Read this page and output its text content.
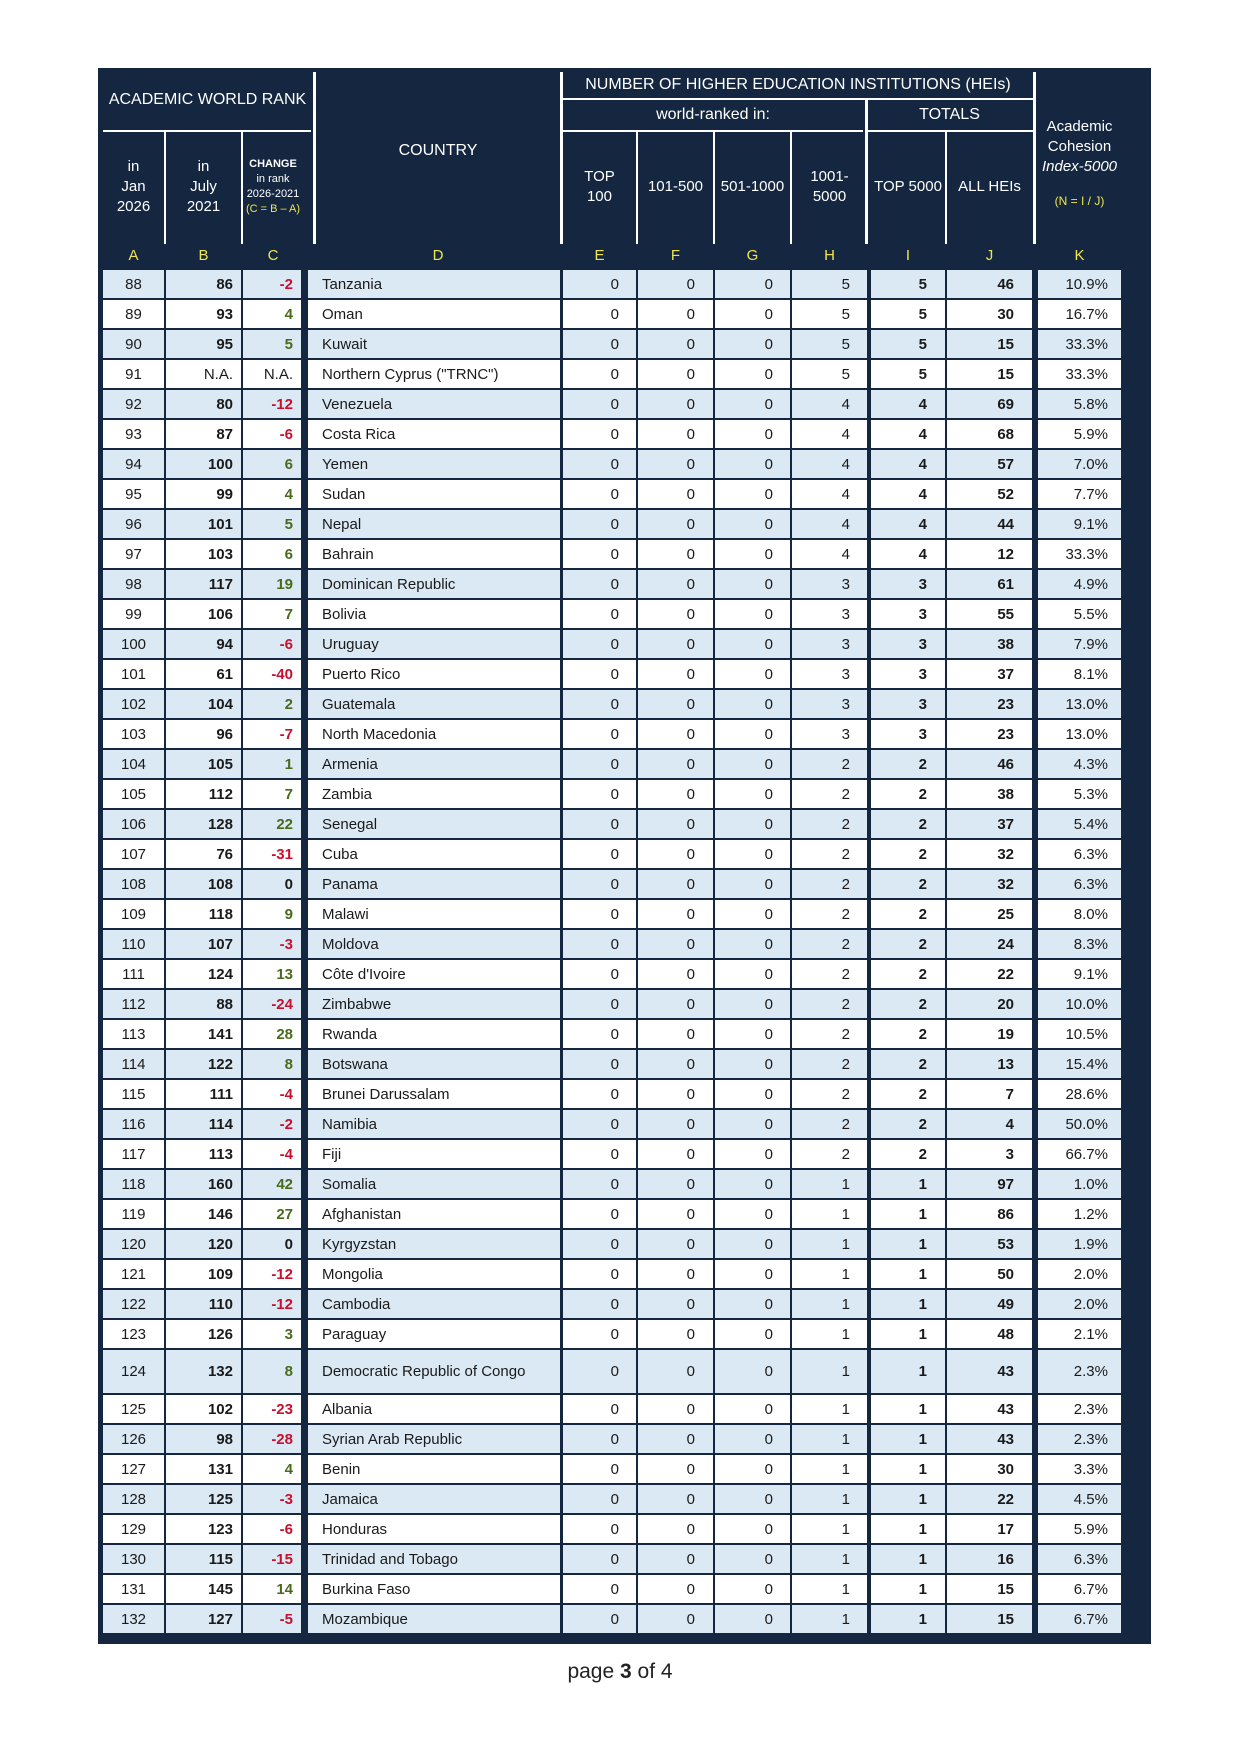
ACADEMIC WORLD RANK
in
Jan
2026
in
July
2021
CHANGE
in rank
2026-2021
(C = B – A)
COUNTRY
NUMBER OF HIGHER EDUCATION INSTITUTIONS (HEIs)
world-ranked in:	TOTALS
TOP
100
101-500	501-1000
1001-
5000
TOP 5000	ALL HEIs
Academic
Cohesion
Index-5000
(N = I / J)
A	B	C	D	E	F	G	H	I	J	K
88	86	-2	Tanzania	0	0	0	5	5	46	10.9%
89	93	4	Oman	0	0	0	5	5	30	16.7%
90	95	5	Kuwait	0	0	0	5	5	15	33.3%
91	N.A.	N.A.	Northern Cyprus ("TRNC")	0	0	0	5	5	15	33.3%
92	80	-12	Venezuela	0	0	0	4	4	69	5.8%
93	87	-6	Costa Rica	0	0	0	4	4	68	5.9%
94	100	6	Yemen	0	0	0	4	4	57	7.0%
95	99	4	Sudan	0	0	0	4	4	52	7.7%
96	101	5	Nepal	0	0	0	4	4	44	9.1%
97	103	6	Bahrain	0	0	0	4	4	12	33.3%
98	117	19	Dominican Republic	0	0	0	3	3	61	4.9%
99	106	7	Bolivia	0	0	0	3	3	55	5.5%
100	94	-6	Uruguay	0	0	0	3	3	38	7.9%
101	61	-40	Puerto Rico	0	0	0	3	3	37	8.1%
102	104	2	Guatemala	0	0	0	3	3	23	13.0%
103	96	-7	North Macedonia	0	0	0	3	3	23	13.0%
104	105	1	Armenia	0	0	0	2	2	46	4.3%
105	112	7	Zambia	0	0	0	2	2	38	5.3%
106	128	22	Senegal	0	0	0	2	2	37	5.4%
107	76	-31	Cuba	0	0	0	2	2	32	6.3%
108	108	0	Panama	0	0	0	2	2	32	6.3%
109	118	9	Malawi	0	0	0	2	2	25	8.0%
110	107	-3	Moldova	0	0	0	2	2	24	8.3%
111	124	13	Côte d'Ivoire	0	0	0	2	2	22	9.1%
112	88	-24	Zimbabwe	0	0	0	2	2	20	10.0%
113	141	28	Rwanda	0	0	0	2	2	19	10.5%
114	122	8	Botswana	0	0	0	2	2	13	15.4%
115	111	-4	Brunei Darussalam	0	0	0	2	2	7	28.6%
116	114	-2	Namibia	0	0	0	2	2	4	50.0%
117	113	-4	Fiji	0	0	0	2	2	3	66.7%
118	160	42	Somalia	0	0	0	1	1	97	1.0%
119	146	27	Afghanistan	0	0	0	1	1	86	1.2%
120	120	0	Kyrgyzstan	0	0	0	1	1	53	1.9%
121	109	-12	Mongolia	0	0	0	1	1	50	2.0%
122	110	-12	Cambodia	0	0	0	1	1	49	2.0%
123	126	3	Paraguay	0	0	0	1	1	48	2.1%
124	132	8	Democratic Republic of Congo	0	0	0	1	1	43	2.3%
125	102	-23	Albania	0	0	0	1	1	43	2.3%
126	98	-28	Syrian Arab Republic	0	0	0	1	1	43	2.3%
127	131	4	Benin	0	0	0	1	1	30	3.3%
128	125	-3	Jamaica	0	0	0	1	1	22	4.5%
129	123	-6	Honduras	0	0	0	1	1	17	5.9%
130	115	-15	Trinidad and Tobago	0	0	0	1	1	16	6.3%
131	145	14	Burkina Faso	0	0	0	1	1	15	6.7%
132	127	-5	Mozambique	0	0	0	1	1	15	6.7%
page 3 of 4
